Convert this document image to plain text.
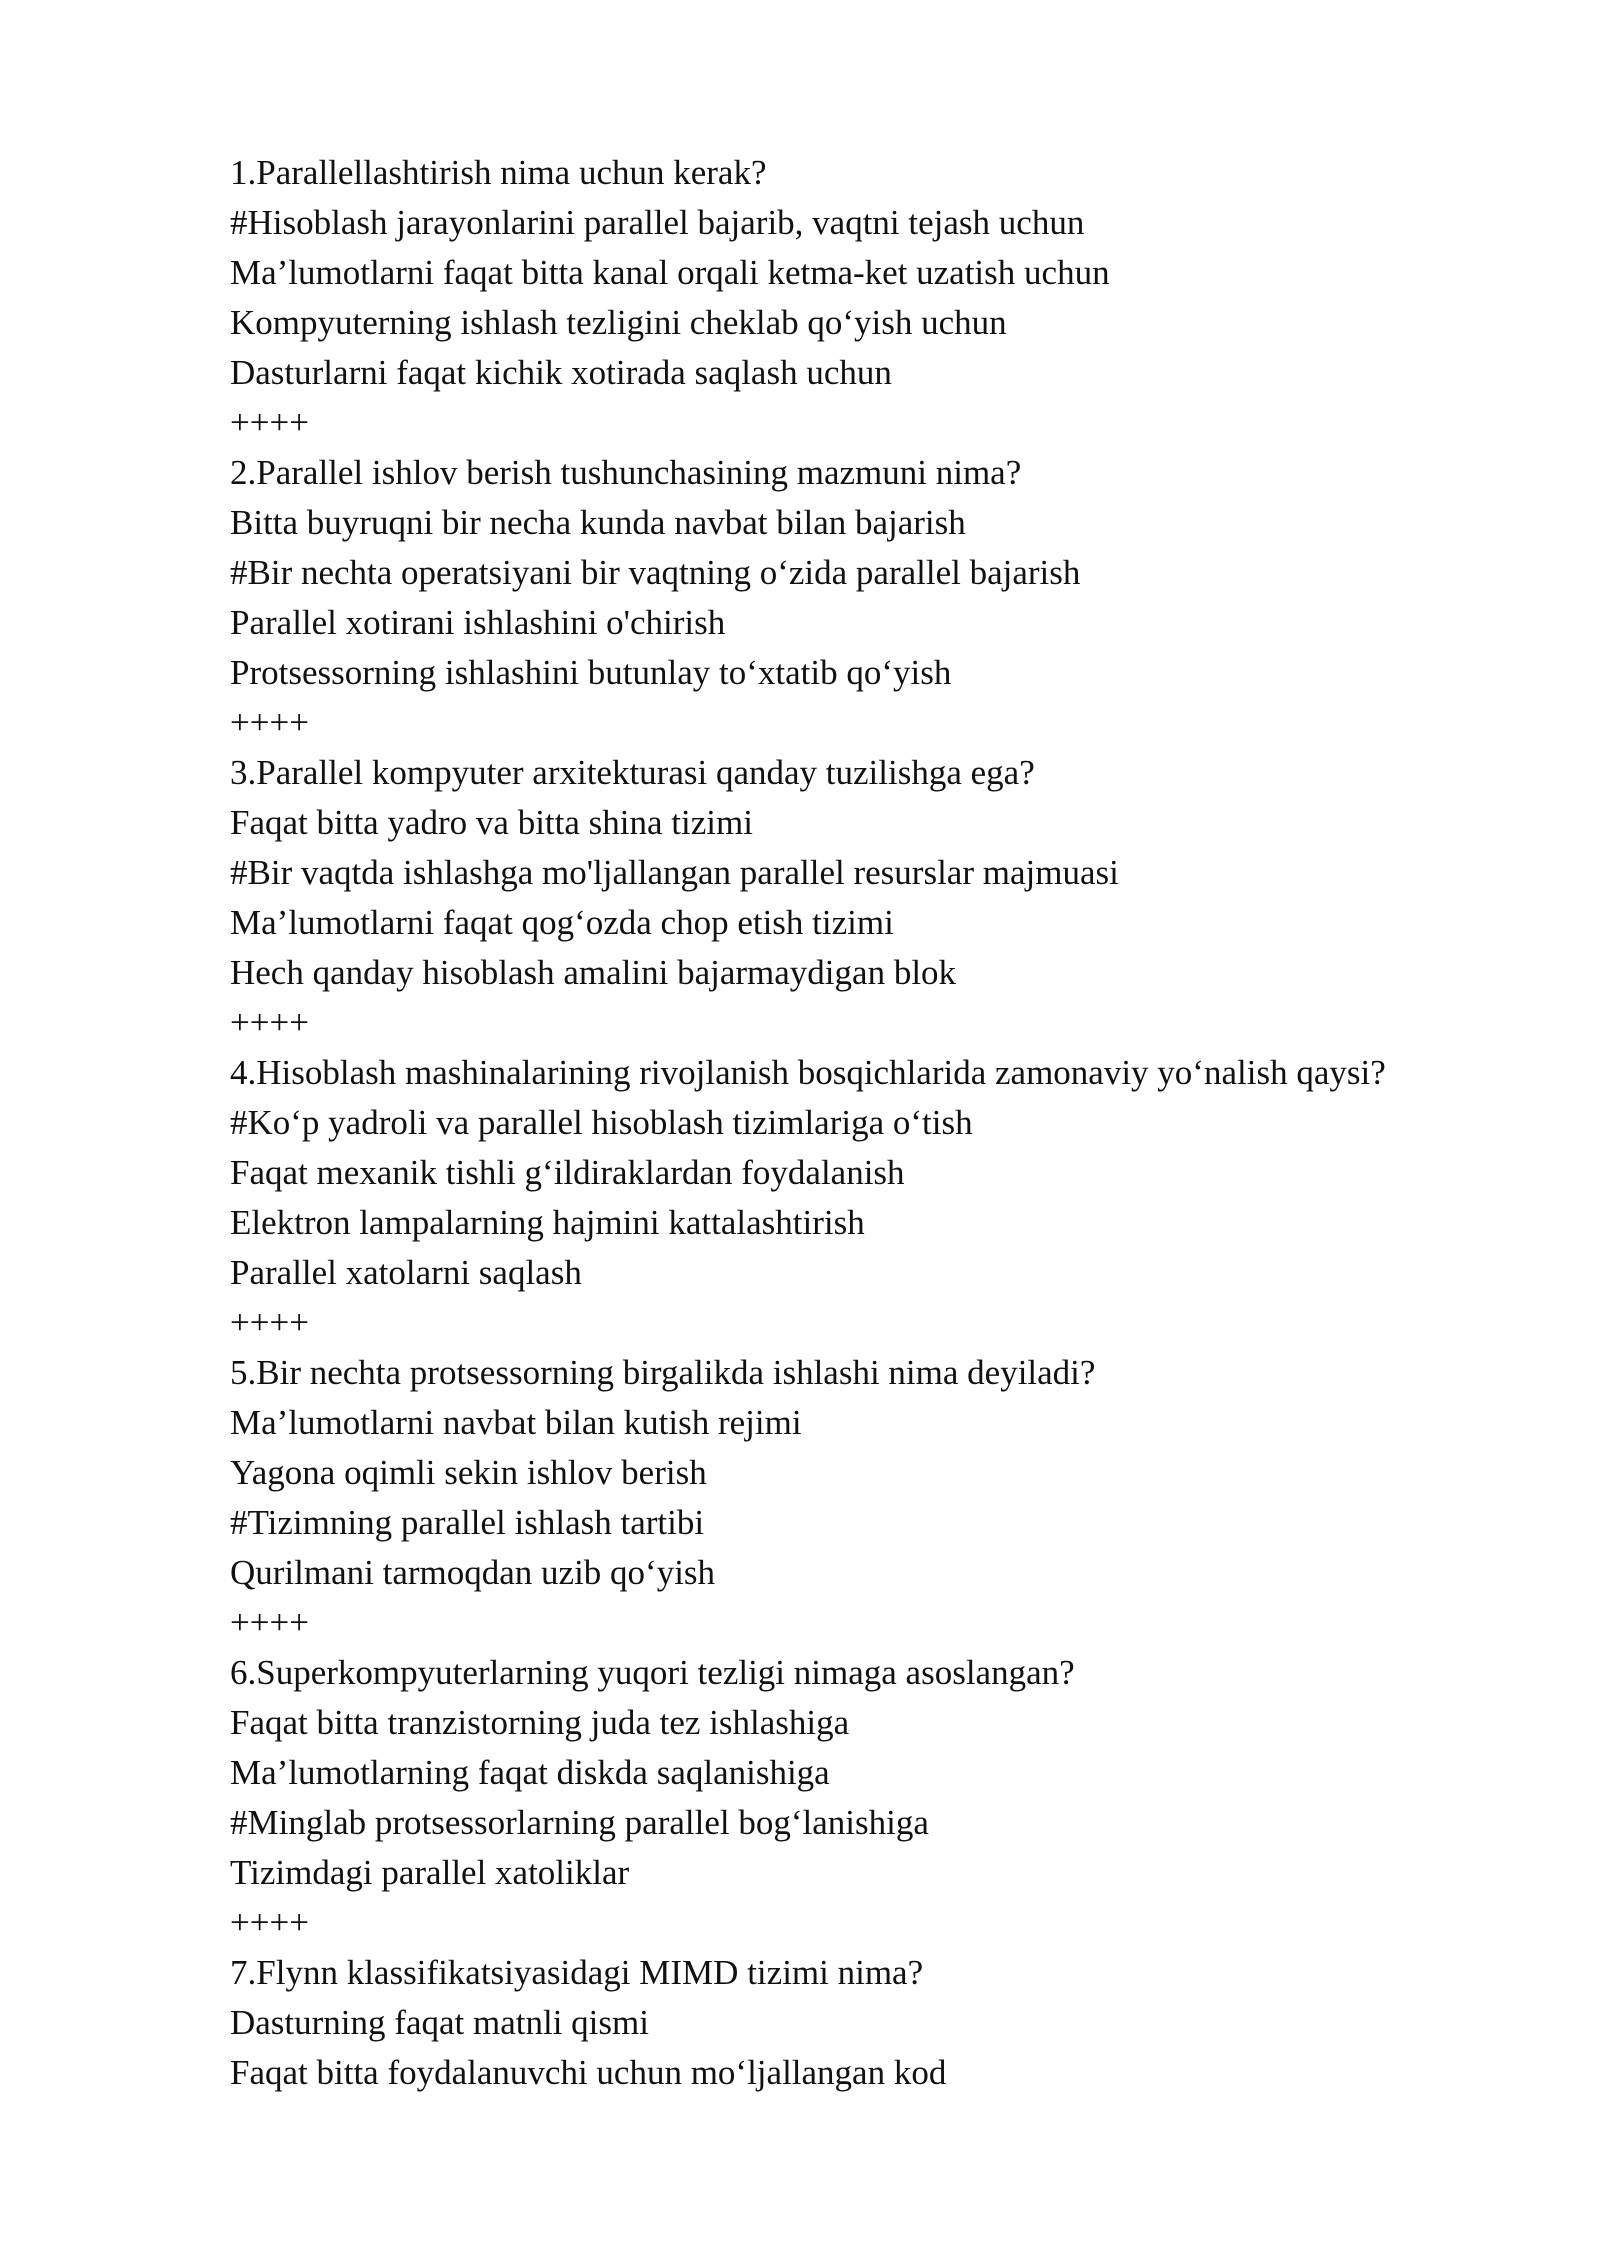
1.Parallellashtirish nima uchun kerak?
#Hisoblash jarayonlarini parallel bajarib, vaqtni tejash uchun
Ma’lumotlarni faqat bitta kanal orqali ketma-ket uzatish uchun
Kompyuterning ishlash tezligini cheklab qoʻyish uchun
Dasturlarni faqat kichik xotirada saqlash uchun
++++
2.Parallel ishlov berish tushunchasining mazmuni nima?
Bitta buyruqni bir necha kunda navbat bilan bajarish
#Bir nechta operatsiyani bir vaqtning oʻzida parallel bajarish
Parallel xotirani ishlashini o'chirish
Protsessorning ishlashini butunlay toʻxtatib qoʻyish
++++
3.Parallel kompyuter arxitekturasi qanday tuzilishga ega?
Faqat bitta yadro va bitta shina tizimi
#Bir vaqtda ishlashga mo'ljallangan parallel resurslar majmuasi
Ma’lumotlarni faqat qogʻozda chop etish tizimi
Hech qanday hisoblash amalini bajarmaydigan blok
++++
4.Hisoblash mashinalarining rivojlanish bosqichlarida zamonaviy yoʻnalish qaysi?
#Koʻp yadroli va parallel hisoblash tizimlariga oʻtish
Faqat mexanik tishli gʻildiraklardan foydalanish
Elektron lampalarning hajmini kattalashtirish
Parallel xatolarni saqlash
++++
5.Bir nechta protsessorning birgalikda ishlashi nima deyiladi?
Ma’lumotlarni navbat bilan kutish rejimi
Yagona oqimli sekin ishlov berish
#Tizimning parallel ishlash tartibi
Qurilmani tarmoqdan uzib qoʻyish
++++
6.Superkompyuterlarning yuqori tezligi nimaga asoslangan?
Faqat bitta tranzistorning juda tez ishlashiga
Ma’lumotlarning faqat diskda saqlanishiga
#Minglab protsessorlarning parallel bogʻlanishiga
Tizimdagi parallel xatoliklar
++++
7.Flynn klassifikatsiyasidagi MIMD tizimi nima?
Dasturning faqat matnli qismi
Faqat bitta foydalanuvchi uchun moʻljallangan kod
